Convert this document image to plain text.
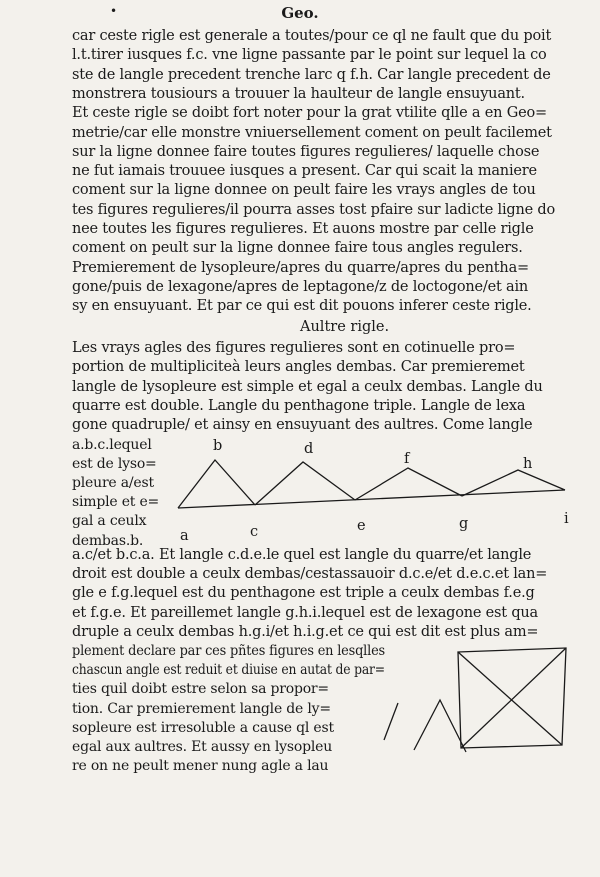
•	Geo.
car ceste rigle est generale a toutes/pour ce ql ne fault que du poit
l.t.tirer iusques f.c. vne ligne passante par le point sur lequel la co
ste de langle precedent trenche larc q f.h. Car langle precedent de
monstrera tousiours a trouuer la haulteur de langle ensuyuant.
Et ceste rigle se doibt fort noter pour la grat vtilite qlle a en Geo=
metrie/car elle monstre vniuersellement coment on peult facilemet
sur la ligne donnee faire toutes figures regulieres/ laquelle chose
ne fut iamais trouuee iusques a present. Car qui scait la maniere
coment sur la ligne donnee on peult faire les vrays angles de tou
tes figures regulieres/il pourra asses tost pfaire sur ladicte ligne do
nee toutes les figures regulieres. Et auons mostre par celle rigle
coment on peult sur la ligne donnee faire tous angles regulers.
Premierement de lysopleure/apres du quarre/apres du pentha=
gone/puis de lexagone/apres de leptagone/z de loctogone/et ain
sy en ensuyuant. Et par ce qui est dit pouons inferer ceste rigle.
Aultre rigle.
Les vrays agles des figures regulieres sont en cotinuelle pro=
portion de multipliciteà leurs angles dembas. Car premieremet
langle de lysopleure est simple et egal a ceulx dembas. Langle du
quarre est double. Langle du penthagone triple. Langle de lexa
gone quadruple/ et ainsy en ensuyuant des aultres. Come langle
a.b.c.lequel
est de lyso=
pleure a/est
simple et e=
gal a ceulx
dembas.b.
b	d
f	h
a	c	e	g	i
a.c/et b.c.a. Et langle c.d.e.le quel est langle du quarre/et langle
droit est double a ceulx dembas/cestassauoir d.c.e/et d.e.c.et lan=
gle e f.g.lequel est du penthagone est triple a ceulx dembas f.e.g
et f.g.e. Et pareillemet langle g.h.i.lequel est de lexagone est qua
druple a ceulx dembas h.g.i/et h.i.g.et ce qui est dit est plus am=
plement declare par ces pñtes figures en lesqlles
chascun angle est reduit et diuise en autat de par=
ties quil doibt estre selon sa propor=
tion. Car premierement langle de ly=
sopleure est irresoluble a cause ql est
egal aux aultres. Et aussy en lysopleu
re on ne peult mener nung agle a lau
